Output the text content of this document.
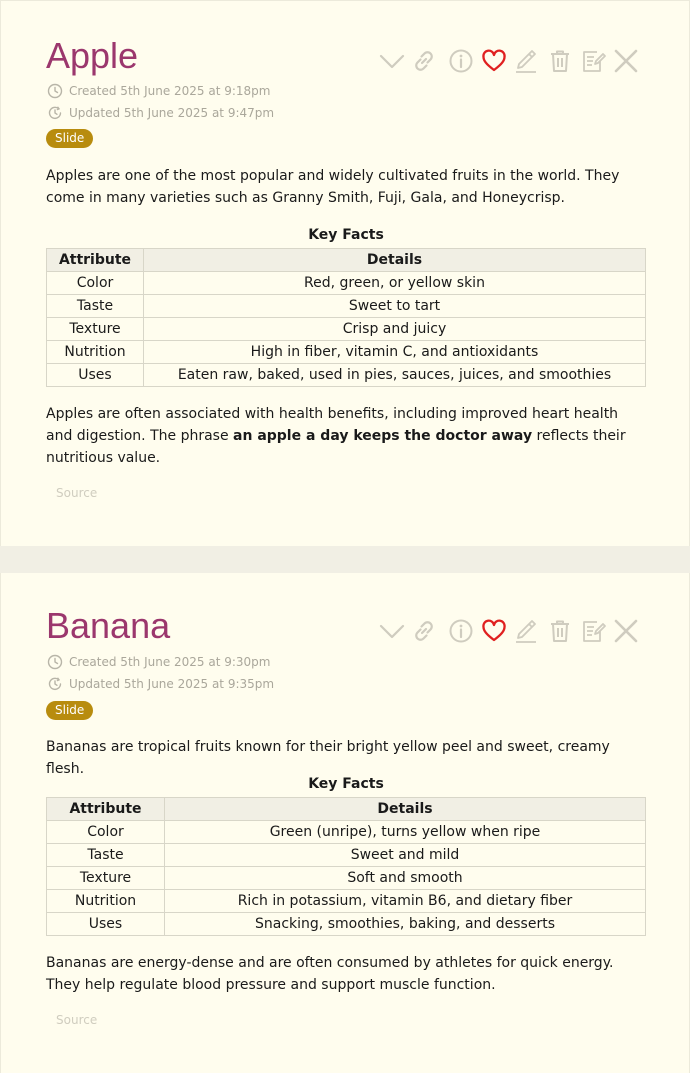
Apple
Created 5th June 2025 at 9:18pm
Updated 5th June 2025 at 9:47pm
Slide

Apples are one of the most popular and widely cultivated fruits in the world. They come in many varieties such as Granny Smith, Fuji, Gala, and Honeycrisp.

Key Facts
Attribute	Details
Color	Red, green, or yellow skin
Taste	Sweet to tart
Texture	Crisp and juicy
Nutrition	High in fiber, vitamin C, and antioxidants
Uses	Eaten raw, baked, used in pies, sauces, juices, and smoothies

Apples are often associated with health benefits, including improved heart health and digestion. The phrase an apple a day keeps the doctor away reflects their nutritious value.

Source
Banana
Created 5th June 2025 at 9:30pm
Updated 5th June 2025 at 9:35pm
Slide

Bananas are tropical fruits known for their bright yellow peel and sweet, creamy flesh.

Key Facts
Attribute	Details
Color	Green (unripe), turns yellow when ripe
Taste	Sweet and mild
Texture	Soft and smooth
Nutrition	Rich in potassium, vitamin B6, and dietary fiber
Uses	Snacking, smoothies, baking, and desserts

Bananas are energy-dense and are often consumed by athletes for quick energy. They help regulate blood pressure and support muscle function.

Source
